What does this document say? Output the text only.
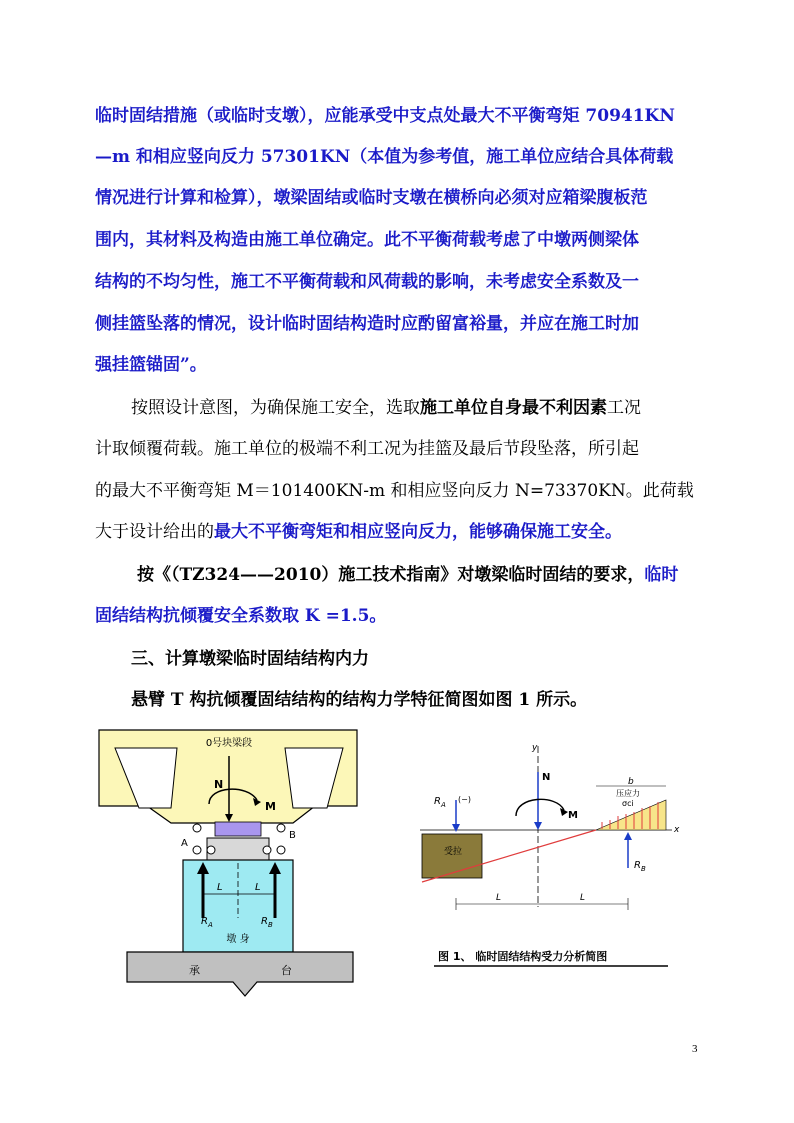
临时固结措施（或临时支墩），应能承受中支点处最大不平衡弯矩 70941KN
—m 和相应竖向反力 57301KN（本值为参考值，施工单位应结合具体荷载
情况进行计算和检算），墩梁固结或临时支墩在横桥向必须对应箱梁腹板范
围内，其材料及构造由施工单位确定。此不平衡荷载考虑了中墩两侧梁体
结构的不均匀性，施工不平衡荷载和风荷载的影响，未考虑安全系数及一
侧挂篮坠落的情况，设计临时固结构造时应酌留富裕量，并应在施工时加
强挂篮锚固”。
按照设计意图，为确保施工安全，选取施工单位自身最不利因素工况
计取倾覆荷载。施工单位的极端不利工况为挂篮及最后节段坠落，所引起
的最大不平衡弯矩 M＝101400KN-m 和相应竖向反力 N=73370KN。此荷载
大于设计给出的最大不平衡弯矩和相应竖向反力，能够确保施工安全。
按《（TZ324——2010）施工技术指南》对墩梁临时固结的要求，临时
固结结构抗倾覆安全系数取 K =1.5。
三、计算墩梁临时固结结构内力
悬臂 T 构抗倾覆固结结构的结构力学特征简图如图 1 所示。
0号块梁段
N
M
A
B
L	L
$R_A$	$R_B$
墩 身
承	台
y
x
受拉
b
压应力
σci
$R_A$
(−)
N
M
$R_B$
L	L
图 1、 临时固结结构受力分析简图
3
